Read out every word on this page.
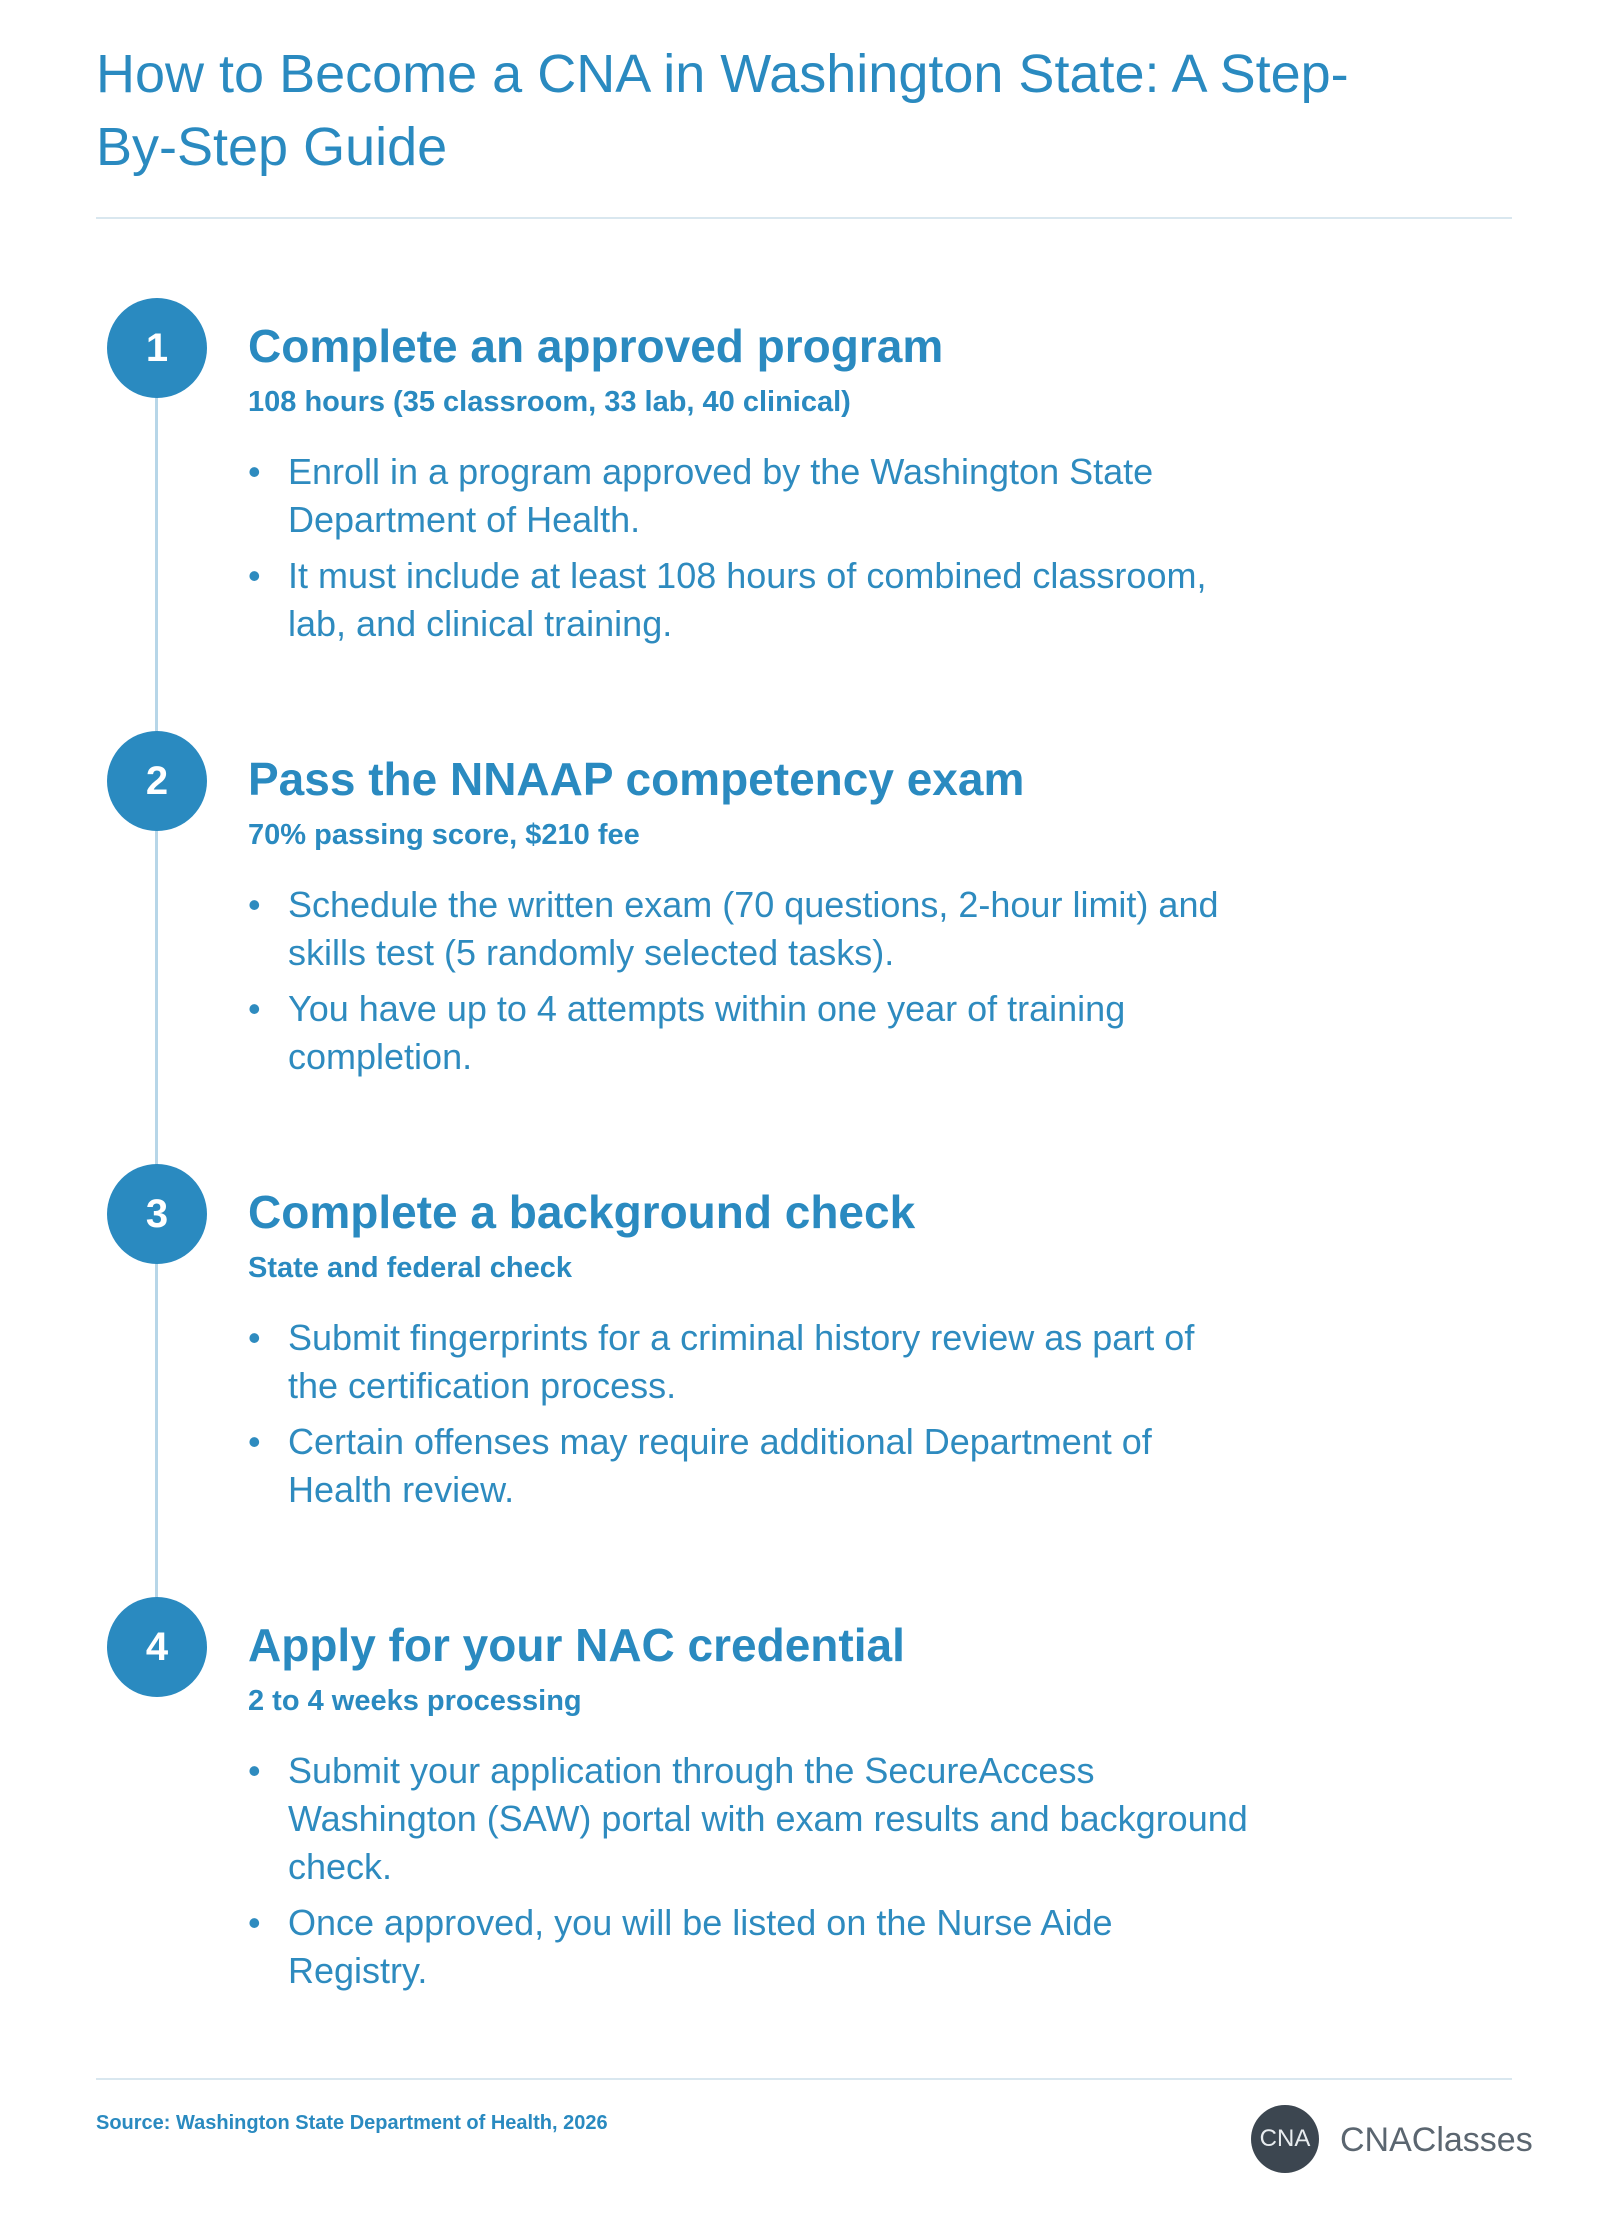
How to Become a CNA in Washington State: A Step-By-Step Guide
1	Complete an approved program
108 hours (35 classroom, 33 lab, 40 clinical)
• Enroll in a program approved by the Washington State Department of Health.
• It must include at least 108 hours of combined classroom, lab, and clinical training.
2	Pass the NNAAP competency exam
70% passing score, $210 fee
• Schedule the written exam (70 questions, 2-hour limit) and skills test (5 randomly selected tasks).
• You have up to 4 attempts within one year of training completion.
3	Complete a background check
State and federal check
• Submit fingerprints for a criminal history review as part of the certification process.
• Certain offenses may require additional Department of Health review.
4	Apply for your NAC credential
2 to 4 weeks processing
• Submit your application through the SecureAccess Washington (SAW) portal with exam results and background check.
• Once approved, you will be listed on the Nurse Aide Registry.
Source: Washington State Department of Health, 2026
CNA CNAClasses
